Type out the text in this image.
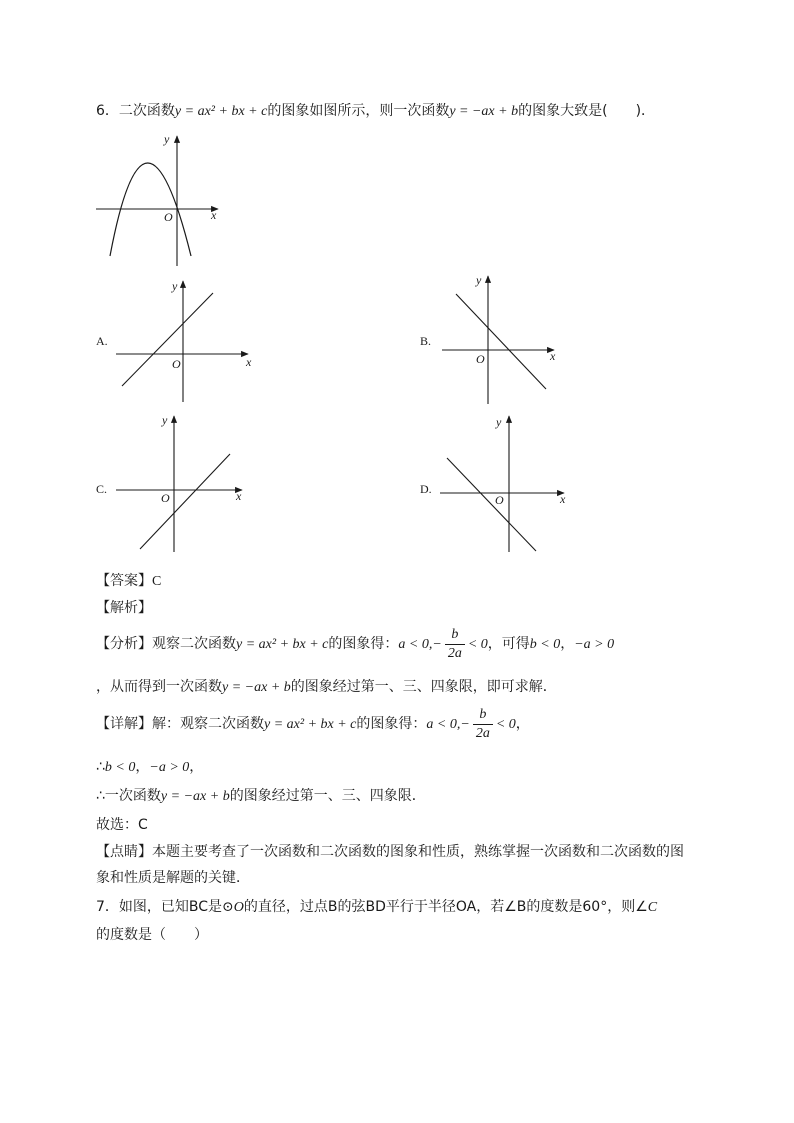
6．二次函数y = ax² + bx + c的图象如图所示，则一次函数y = −ax + b的图象大致是(　　)．
x
y
O
A.
x
y
O
B.
x
y
O
C.	x
y
O
D.
x
y
O
【答案】C
【解析】
【分析】观察二次函数y = ax² + bx + c的图象得：$a < 0,- \frac{b}{2a} < 0$，可得b < 0，−a > 0
，从而得到一次函数y = −ax + b的图象经过第一、三、四象限，即可求解．
【详解】解：观察二次函数y = ax² + bx + c的图象得：$a < 0,- \frac{b}{2a} < 0$，
∴b < 0，−a > 0，
∴一次函数y = −ax + b的图象经过第一、三、四象限．
故选：C
【点睛】本题主要考查了一次函数和二次函数的图象和性质，熟练掌握一次函数和二次函数的图
象和性质是解题的关键．
7．如图，已知BC是⊙O的直径，过点B的弦BD平行于半径OA，若∠B的度数是60°，则∠C
的度数是（　　）
